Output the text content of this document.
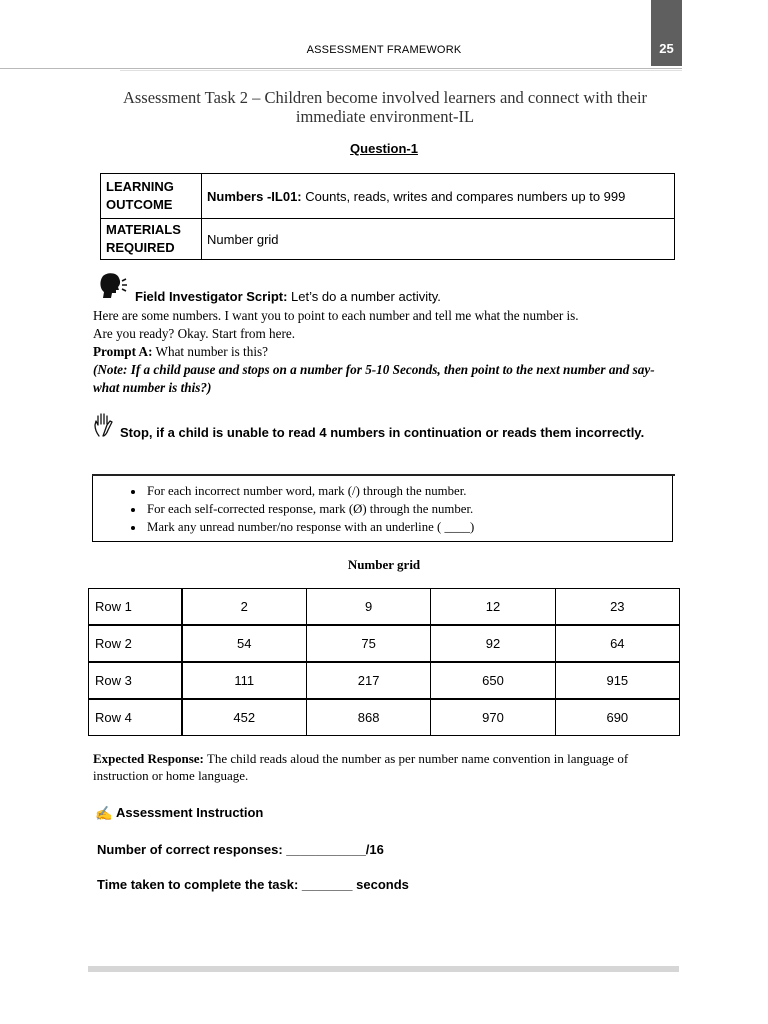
ASSESSMENT FRAMEWORK	25
Assessment Task 2 – Children become involved learners and connect with their immediate environment-IL
Question-1
LEARNING OUTCOME	Numbers -IL01: Counts, reads, writes and compares numbers up to 999
MATERIALS REQUIRED	Number grid
Field Investigator Script: Let’s do a number activity.

Here are some numbers. I want you to point to each number and tell me what the number is.

Are you ready? Okay. Start from here.

Prompt A: What number is this?

(Note: If a child pause and stops on a number for 5-10 Seconds, then point to the next number and say- what number is this?)

Stop, if a child is unable to read 4 numbers in continuation or reads them incorrectly.
• For each incorrect number word, mark (/) through the number.
• For each self-corrected response, mark (Ø) through the number.
• Mark any unread number/no response with an underline ( ____)
Number grid
Row 1	2	9	12	23
Row 2	54	75	92	64
Row 3	111	217	650	915
Row 4	452	868	970	690
Expected Response: The child reads aloud the number as per number name convention in language of instruction or home language.
✍ Assessment Instruction
Number of correct responses: ___________/16
Time taken to complete the task: _______ seconds
